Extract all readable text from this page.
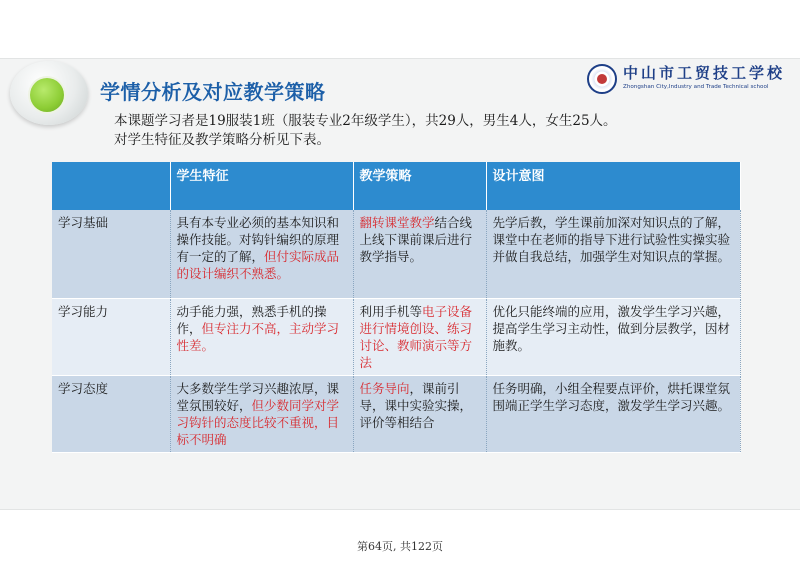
学情分析及对应教学策略
中山市工贸技工学校
Zhongshan City,Industry and Trade Technical school

本课题学习者是19服装1班（服装专业2年级学生），共29人，男生4人，女生25人。

对学生特征及教学策略分析见下表。

	学生特征	教学策略	设计意图
学习基础	具有本专业必须的基本知识和操作技能。对钩针编织的原理有一定的了解，但付实际成品的设计编织不熟悉。	翻转课堂教学结合线上线下课前课后进行教学指导。	先学后教，学生课前加深对知识点的了解，课堂中在老师的指导下进行试验性实操实验并做自我总结，加强学生对知识点的掌握。
学习能力	动手能力强，熟悉手机的操作，但专注力不高，主动学习性差。	利用手机等电子设备进行情境创设、练习讨论、教师演示等方法	优化只能终端的应用，激发学生学习兴趣，提高学生学习主动性，做到分层教学，因材施教。
学习态度	大多数学生学习兴趣浓厚，课堂氛围较好，但少数同学对学习钩针的态度比较不重视，目标不明确	任务导向，课前引导，课中实验实操，评价等相结合	任务明确，小组全程要点评价，烘托课堂氛围端正学生学习态度，激发学生学习兴趣。
第64页, 共122页
